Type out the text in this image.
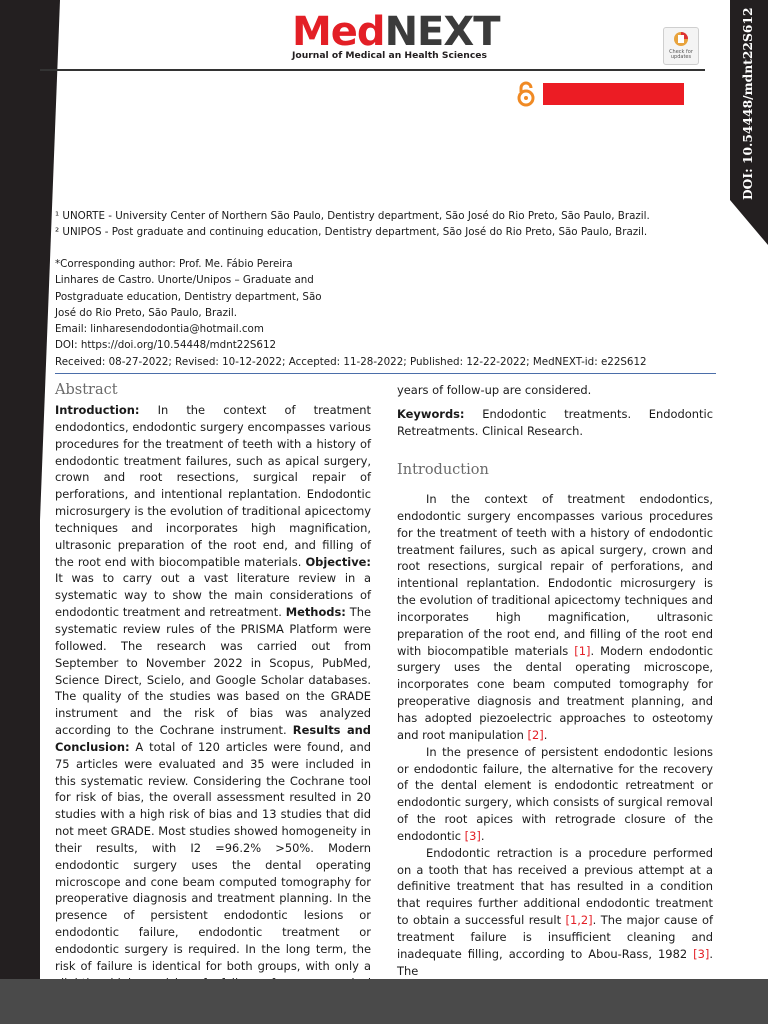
MedNEXT
Journal of Medical an Health Sciences	Check for updates	DOI: 10.54448/mdnt22S612
¹ UNORTE - University Center of Northern São Paulo, Dentistry department, São José do Rio Preto, São Paulo, Brazil.
² UNIPOS - Post graduate and continuing education, Dentistry department, São José do Rio Preto, São Paulo, Brazil.
*Corresponding author: Prof. Me. Fábio Pereira
Linhares de Castro. Unorte/Unipos – Graduate and
Postgraduate education, Dentistry department, São
José do Rio Preto, São Paulo, Brazil.
Email: linharesendodontia@hotmail.com
DOI: https://doi.org/10.54448/mdnt22S612
Received: 08-27-2022; Revised: 10-12-2022; Accepted: 11-28-2022; Published: 12-22-2022; MedNEXT-id: e22S612
Abstract

Introduction: In the context of treatment endodontics, endodontic surgery encompasses various procedures for the treatment of teeth with a history of endodontic treatment failures, such as apical surgery, crown and root resections, surgical repair of perforations, and intentional replantation. Endodontic microsurgery is the evolution of traditional apicectomy techniques and incorporates high magnification, ultrasonic preparation of the root end, and filling of the root end with biocompatible materials. Objective: It was to carry out a vast literature review in a systematic way to show the main considerations of endodontic treatment and retreatment. Methods: The systematic review rules of the PRISMA Platform were followed. The research was carried out from September to November 2022 in Scopus, PubMed, Science Direct, Scielo, and Google Scholar databases. The quality of the studies was based on the GRADE instrument and the risk of bias was analyzed according to the Cochrane instrument. Results and Conclusion: A total of 120 articles were found, and 75 articles were evaluated and 35 were included in this systematic review. Considering the Cochrane tool for risk of bias, the overall assessment resulted in 20 studies with a high risk of bias and 13 studies that did not meet GRADE. Most studies showed homogeneity in their results, with I2 =96.2% >50%. Modern endodontic surgery uses the dental operating microscope and cone beam computed tomography for preoperative diagnosis and treatment planning. In the presence of persistent endodontic lesions or endodontic failure, endodontic treatment or endodontic surgery is required. In the long term, the risk of failure is identical for both groups, with only a

years of follow-up are considered.

Keywords: Endodontic treatments. Endodontic Retreatments. Clinical Research.

Introduction

In the context of treatment endodontics, endodontic surgery encompasses various procedures for the treatment of teeth with a history of endodontic treatment failures, such as apical surgery, crown and root resections, surgical repair of perforations, and intentional replantation. Endodontic microsurgery is the evolution of traditional apicectomy techniques and incorporates high magnification, ultrasonic preparation of the root end, and filling of the root end with biocompatible materials [1]. Modern endodontic surgery uses the dental operating microscope, incorporates cone beam computed tomography for preoperative diagnosis and treatment planning, and has adopted piezoelectric approaches to osteotomy and root manipulation [2].

In the presence of persistent endodontic lesions or endodontic failure, the alternative for the recovery of the dental element is endodontic retreatment or endodontic surgery, which consists of surgical removal of the root apices with retrograde closure of the endodontic [3].

Endodontic retraction is a procedure performed on a tooth that has received a previous attempt at a definitive treatment that has resulted in a condition that requires further additional endodontic treatment to obtain a successful result [1,2]. The major cause of treatment failure is insufficient cleaning and inadequate filling, according to Abou-Rass, 1982 [3]. The
